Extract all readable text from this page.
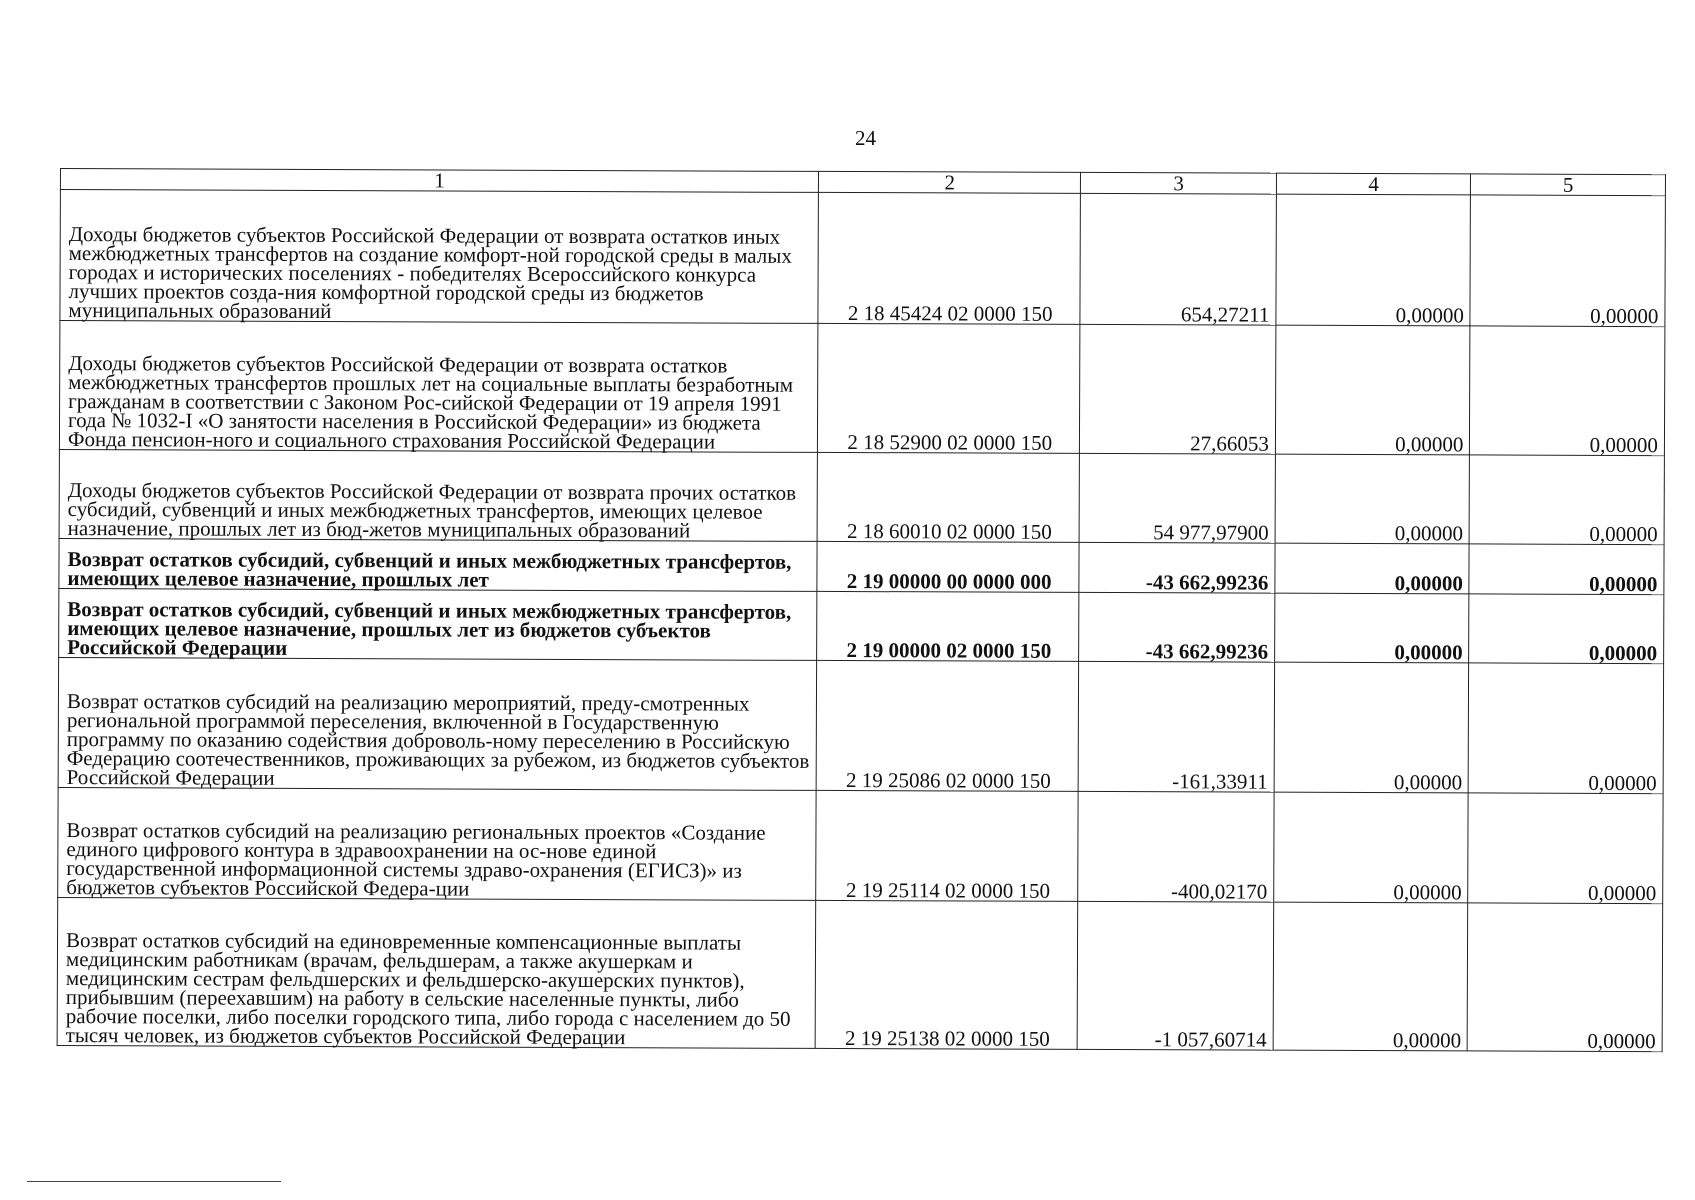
24
1	2	3	4	5
Доходы бюджетов субъектов Российской Федерации от возврата остатков иных межбюджетных трансфертов на создание комфорт-ной городской среды в малых городах и исторических поселениях - победителях Всероссийского конкурса лучших проектов созда-ния комфортной городской среды из бюджетов муниципальных образований	2 18 45424 02 0000 150	654,27211	0,00000	0,00000
Доходы бюджетов субъектов Российской Федерации от возврата остатков межбюджетных трансфертов прошлых лет на социальные выплаты безработным гражданам в соответствии с Законом Рос-сийской Федерации от 19 апреля 1991 года № 1032-I «О занятости населения в Российской Федерации» из бюджета Фонда пенсион-ного и социального страхования Российской Федерации	2 18 52900 02 0000 150	27,66053	0,00000	0,00000
Доходы бюджетов субъектов Российской Федерации от возврата прочих остатков субсидий, субвенций и иных межбюджетных трансфертов, имеющих целевое назначение, прошлых лет из бюд-жетов муниципальных образований	2 18 60010 02 0000 150	54 977,97900	0,00000	0,00000
Возврат остатков субсидий, субвенций и иных межбюджетных трансфертов, имеющих целевое назначение, прошлых лет	2 19 00000 00 0000 000	-43 662,99236	0,00000	0,00000
Возврат остатков субсидий, субвенций и иных межбюджетных трансфертов, имеющих целевое назначение, прошлых лет из бюджетов субъектов Российской Федерации	2 19 00000 02 0000 150	-43 662,99236	0,00000	0,00000
Возврат остатков субсидий на реализацию мероприятий, преду-смотренных региональной программой переселения, включенной в Государственную программу по оказанию содействия доброволь-ному переселению в Российскую Федерацию соотечественников, проживающих за рубежом, из бюджетов субъектов Российской Федерации	2 19 25086 02 0000 150	-161,33911	0,00000	0,00000
Возврат остатков субсидий на реализацию региональных проектов «Создание единого цифрового контура в здравоохранении на ос-нове единой государственной информационной системы здраво-охранения (ЕГИСЗ)» из бюджетов субъектов Российской Федера-ции	2 19 25114 02 0000 150	-400,02170	0,00000	0,00000
Возврат остатков субсидий на единовременные компенсационные выплаты медицинским работникам (врачам, фельдшерам, а также акушеркам и медицинским сестрам фельдшерских и фельдшерско-акушерских пунктов), прибывшим (переехавшим) на работу в сельские населенные пункты, либо рабочие поселки, либо поселки городского типа, либо города с населением до 50 тысяч человек, из бюджетов субъектов Российской Федерации	2 19 25138 02 0000 150	-1 057,60714	0,00000	0,00000
